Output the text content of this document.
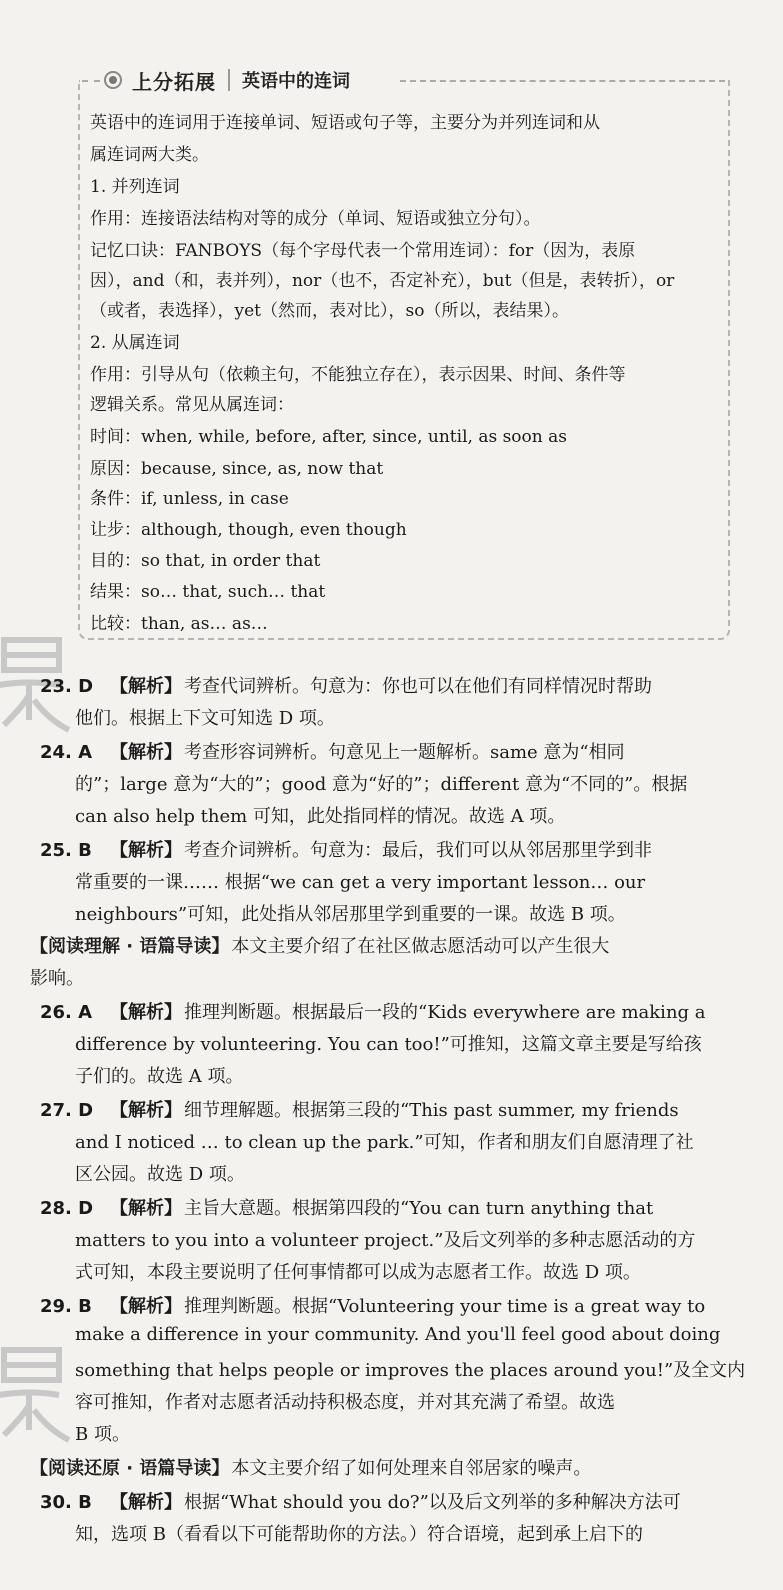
上分拓展 英语中的连词
英语中的连词用于连接单词、短语或句子等，主要分为并列连词和从
属连词两大类。
1. 并列连词
作用：连接语法结构对等的成分（单词、短语或独立分句）。
记忆口诀：FANBOYS（每个字母代表一个常用连词）：for（因为，表原
因），and（和，表并列），nor（也不，否定补充），but（但是，表转折），or
（或者，表选择），yet（然而，表对比），so（所以，表结果）。
2. 从属连词
作用：引导从句（依赖主句，不能独立存在），表示因果、时间、条件等
逻辑关系。常见从属连词：
时间：when, while, before, after, since, until, as soon as
原因：because, since, as, now that
条件：if, unless, in case
让步：although, though, even though
目的：so that, in order that
结果：so… that, such… that
比较：than, as… as…
23. D 【解析】 考查代词辨析。句意为：你也可以在他们有同样情况时帮助
他们。根据上下文可知选 D 项。
24. A 【解析】 考查形容词辨析。句意见上一题解析。same 意为“相同
的”；large 意为“大的”；good 意为“好的”；different 意为“不同的”。根据
can also help them 可知，此处指同样的情况。故选 A 项。
25. B 【解析】 考查介词辨析。句意为：最后，我们可以从邻居那里学到非
常重要的一课…… 根据“we can get a very important lesson… our
neighbours”可知，此处指从邻居那里学到重要的一课。故选 B 项。
【阅读理解 · 语篇导读】 本文主要介绍了在社区做志愿活动可以产生很大
影响。
26. A 【解析】 推理判断题。根据最后一段的“Kids everywhere are making a
difference by volunteering. You can too!”可推知，这篇文章主要是写给孩
子们的。故选 A 项。
27. D 【解析】 细节理解题。根据第三段的“This past summer, my friends
and I noticed … to clean up the park.”可知，作者和朋友们自愿清理了社
区公园。故选 D 项。
28. D 【解析】 主旨大意题。根据第四段的“You can turn anything that
matters to you into a volunteer project.”及后文列举的多种志愿活动的方
式可知，本段主要说明了任何事情都可以成为志愿者工作。故选 D 项。
29. B 【解析】 推理判断题。根据“Volunteering your time is a great way to
make a difference in your community. And you'll feel good about doing
something that helps people or improves the places around you!”及全文内
容可推知，作者对志愿者活动持积极态度，并对其充满了希望。故选
B 项。
【阅读还原 · 语篇导读】 本文主要介绍了如何处理来自邻居家的噪声。
30. B 【解析】 根据“What should you do?”以及后文列举的多种解决方法可
知，选项 B（看看以下可能帮助你的方法。）符合语境，起到承上启下的
